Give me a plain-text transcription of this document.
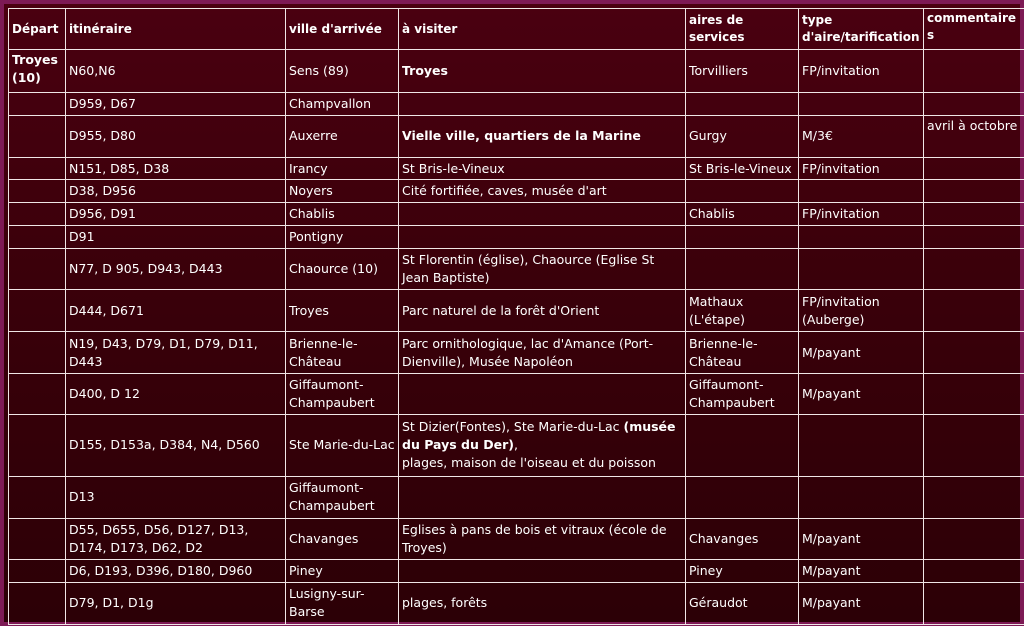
Départ	itinéraire	ville d'arrivée	à visiter	aires de services	type d'aire/tarification	commentaires
Troyes (10)	N60,N6	Sens (89)	Troyes	Torvilliers	FP/invitation	
	D959, D67	Champvallon				
	D955, D80	Auxerre	Vielle ville, quartiers de la Marine	Gurgy	M/3€	avril à octobre
	N151, D85, D38	Irancy	St Bris-le-Vineux	St Bris-le-Vineux	FP/invitation	
	D38, D956	Noyers	Cité fortifiée, caves, musée d'art			
	D956, D91	Chablis		Chablis	FP/invitation	
	D91	Pontigny				
	N77, D 905, D943, D443	Chaource (10)	St Florentin (église), Chaource (Eglise St Jean Baptiste)			
	D444, D671	Troyes	Parc naturel de la forêt d'Orient	Mathaux (L'étape)	FP/invitation (Auberge)	
	N19, D43, D79, D1, D79, D11, D443	Brienne-le-Château	Parc ornithologique, lac d'Amance (Port-Dienville), Musée Napoléon	Brienne-le-Château	M/payant	
	D400, D 12	Giffaumont-Champaubert		Giffaumont-Champaubert	M/payant	
	D155, D153a, D384, N4, D560	Ste Marie-du-Lac	St Dizier(Fontes), Ste Marie-du-Lac (musée du Pays du Der),
plages, maison de l'oiseau et du poisson			
	D13	Giffaumont-Champaubert				
	D55, D655, D56, D127, D13, D174, D173, D62, D2	Chavanges	Eglises à pans de bois et vitraux (école de Troyes)	Chavanges	M/payant	
	D6, D193, D396, D180, D960	Piney		Piney	M/payant	
	D79, D1, D1g	Lusigny-sur-Barse	plages, forêts	Géraudot	M/payant	
